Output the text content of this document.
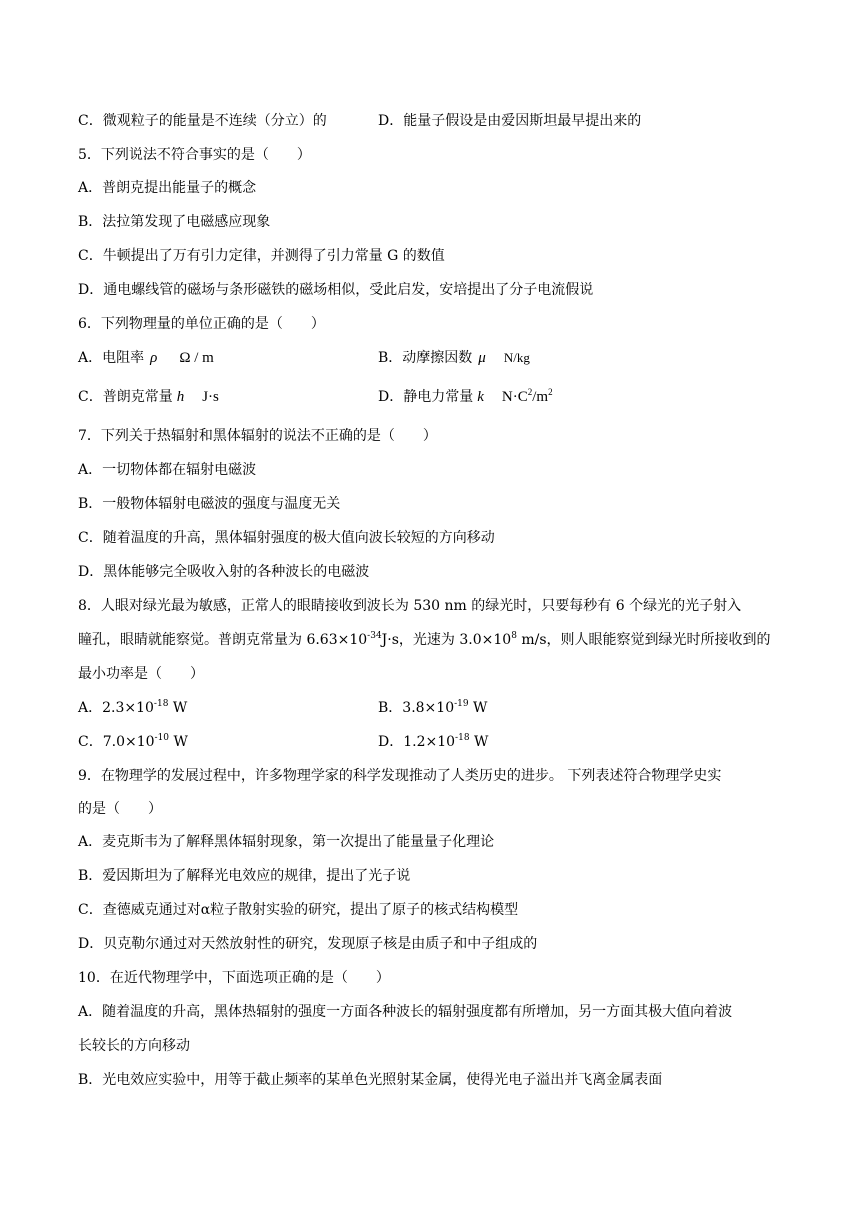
C．微观粒子的能量是不连续（分立）的	D．能量子假设是由爱因斯坦最早提出来的
5．下列说法不符合事实的是（　　）
A．普朗克提出能量子的概念
B．法拉第发现了电磁感应现象
C．牛顿提出了万有引力定律，并测得了引力常量 G 的数值
D．通电螺线管的磁场与条形磁铁的磁场相似，受此启发，安培提出了分子电流假说
6．下列物理量的单位正确的是（　　）
A．电阻率 ρ Ω / m	B．动摩擦因数 μ N/kg
C．普朗克常量 h J·s	D．静电力常量 k $N\cdot C^2/m^2$
7．下列关于热辐射和黑体辐射的说法不正确的是（　　）
A．一切物体都在辐射电磁波
B．一般物体辐射电磁波的强度与温度无关
C．随着温度的升高，黑体辐射强度的极大值向波长较短的方向移动
D．黑体能够完全吸收入射的各种波长的电磁波
8．人眼对绿光最为敏感，正常人的眼睛接收到波长为 530 nm 的绿光时，只要每秒有 6 个绿光的光子射入
瞳孔，眼睛就能察觉。普朗克常量为 $6.63\times 10^{-34}J\cdot s$，光速为 $3.0\times 10^8$ m/s，则人眼能察觉到绿光时所接收到的
最小功率是（　　）
A．$2.3\times 10^{-18}$ W	B．$3.8\times 10^{-19}$ W
C．$7.0\times 10^{-10}$ W	D．$1.2\times 10^{-18}$ W
9．在物理学的发展过程中，许多物理学家的科学发现推动了人类历史的进步。 下列表述符合物理学史实
的是（　　）
A．麦克斯韦为了解释黑体辐射现象，第一次提出了能量量子化理论
B．爱因斯坦为了解释光电效应的规律，提出了光子说
C．查德威克通过对α粒子散射实验的研究，提出了原子的核式结构模型
D．贝克勒尔通过对天然放射性的研究，发现原子核是由质子和中子组成的
10．在近代物理学中，下面选项正确的是（　　）
A．随着温度的升高，黑体热辐射的强度一方面各种波长的辐射强度都有所增加，另一方面其极大值向着波
长较长的方向移动
B．光电效应实验中，用等于截止频率的某单色光照射某金属，使得光电子溢出并飞离金属表面
